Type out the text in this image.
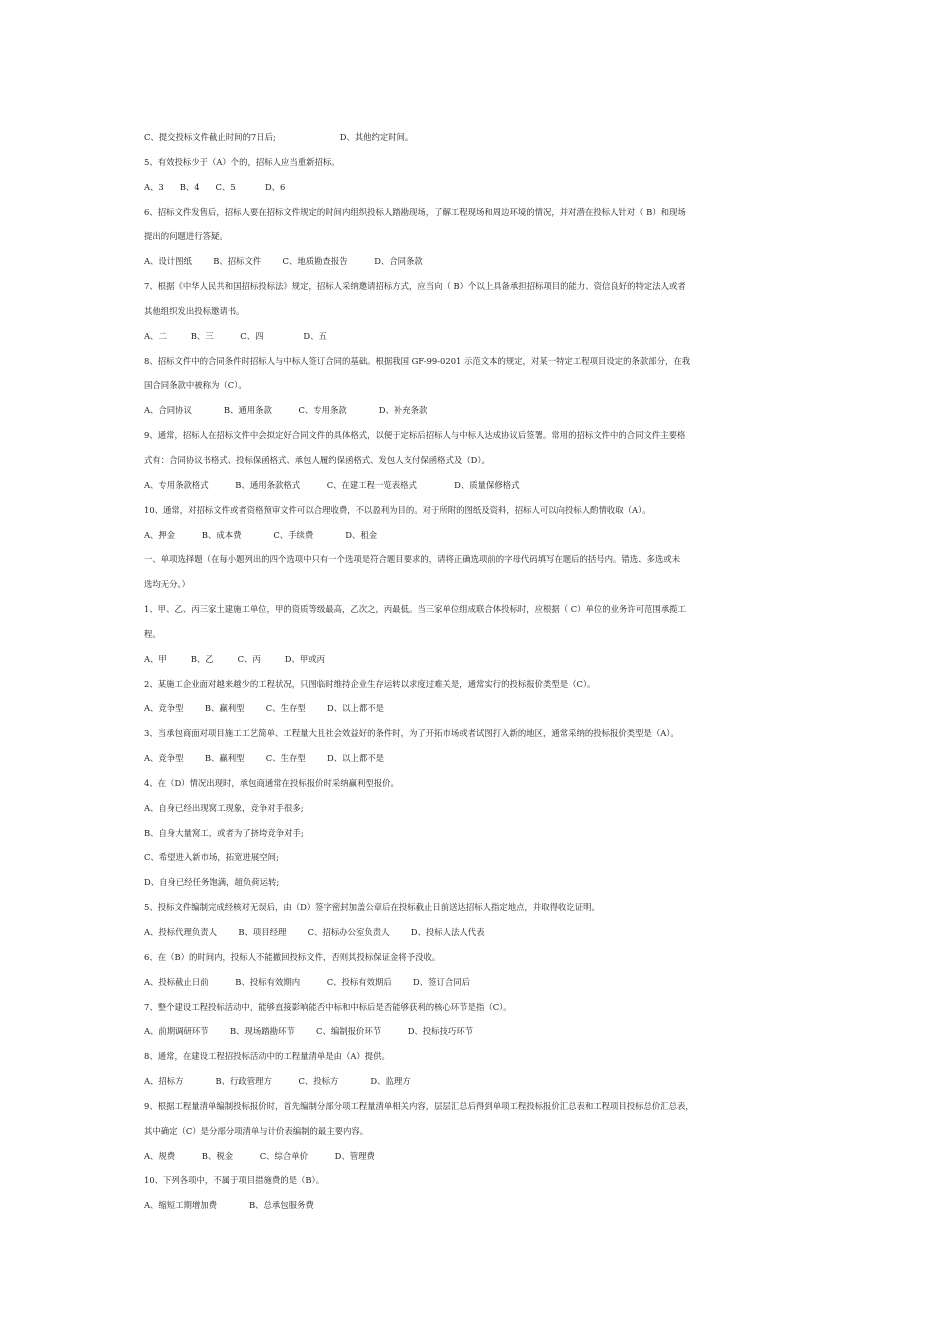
C、提交投标文件截止时间的7日后;                        D、其他约定时间。
5、有效投标少于（A）个的，招标人应当重新招标。
A、3      B、4      C、5           D、6
6、招标文件发售后，招标人要在招标文件规定的时间内组织投标人踏勘现场，了解工程现场和周边环境的情况，并对潜在投标人针对（ B）和现场
提出的问题进行答疑。
A、设计图纸        B、招标文件        C、地质勘查报告          D、合同条款
7、根据《中华人民共和国招标投标法》规定，招标人采纳邀请招标方式，应当向（ B）个以上具备承担招标项目的能力、资信良好的特定法人或者
其他组织发出投标邀请书。
A、二         B、三          C、四               D、五
8、招标文件中的合同条件时招标人与中标人签订合同的基础。根据我国 GF-99-0201 示范文本的规定，对某一特定工程项目设定的条款部分，在我
国合同条款中被称为（C）。
A、合同协议            B、通用条款          C、专用条款            D、补充条款
9、通常，招标人在招标文件中会拟定好合同文件的具体格式，以便于定标后招标人与中标人达成协议后签署。常用的招标文件中的合同文件主要格
式有：合同协议书格式、投标保函格式、承包人履约保函格式、发包人支付保函格式及（D）。
A、专用条款格式          B、通用条款格式          C、在建工程一览表格式              D、质量保修格式
10、通常，对招标文件或者资格预审文件可以合理收费，不以盈利为目的。对于所附的图纸及资料，招标人可以向投标人酌情收取（A）。
A、押金          B、成本费            C、手续费            D、租金
一、单项选择题（在每小题列出的四个选项中只有一个选项是符合题目要求的，请将正确选项前的字母代码填写在题后的括号内。错选、多选或未
选均无分。）
1、甲、乙、丙三家土建施工单位，甲的资质等级最高，乙次之，丙最低。当三家单位组成联合体投标时，应根据（ C）单位的业务许可范围承揽工
程。
A、甲         B、乙         C、丙         D、甲或丙
2、某施工企业面对越来越少的工程状况，只图临时维持企业生存运转以求度过难关是，通常实行的投标报价类型是（C）。
A、竞争型        B、赢利型        C、生存型        D、以上都不是
3、当承包商面对项目施工工艺简单、工程量大且社会效益好的条件时，为了开拓市场或者试图打入新的地区，通常采纳的投标报价类型是（A）。
A、竞争型        B、赢利型        C、生存型        D、以上都不是
4、在（D）情况出现时，承包商通常在投标报价时采纳赢利型报价。
A、自身已经出现窝工现象，竞争对手很多;
B、自身大量窝工，或者为了挤垮竞争对手;
C、希望进入新市场，拓宽进展空间;
D、自身已经任务饱满，超负荷运转;
5、投标文件编制完成经核对无误后，由（D）签字密封加盖公章后在投标截止日前送达招标人指定地点，并取得收讫证明。
A、投标代理负责人        B、项目经理        C、招标办公室负责人        D、投标人法人代表
6、在（B）的时间内，投标人不能撤回投标文件，否则其投标保证金将予没收。
A、投标截止日前          B、投标有效期内          C、投标有效期后        D、签订合同后
7、整个建设工程投标活动中，能够直接影响能否中标和中标后是否能够获利的核心环节是指（C）。
A、前期调研环节        B、现场踏勘环节        C、编制报价环节          D、投标技巧环节
8、通常，在建设工程招投标活动中的工程量清单是由（A）提供。
A、招标方            B、行政管理方          C、投标方            D、监理方
9、根据工程量清单编制投标报价时，首先编制分部分项工程量清单相关内容，层层汇总后得到单项工程投标报价汇总表和工程项目投标总价汇总表，
其中确定（C）是分部分项清单与计价表编制的最主要内容。
A、规费          B、税金          C、综合单价          D、管理费
10、下列各项中，不属于项目措施费的是（B）。
A、缩短工期增加费            B、总承包服务费
